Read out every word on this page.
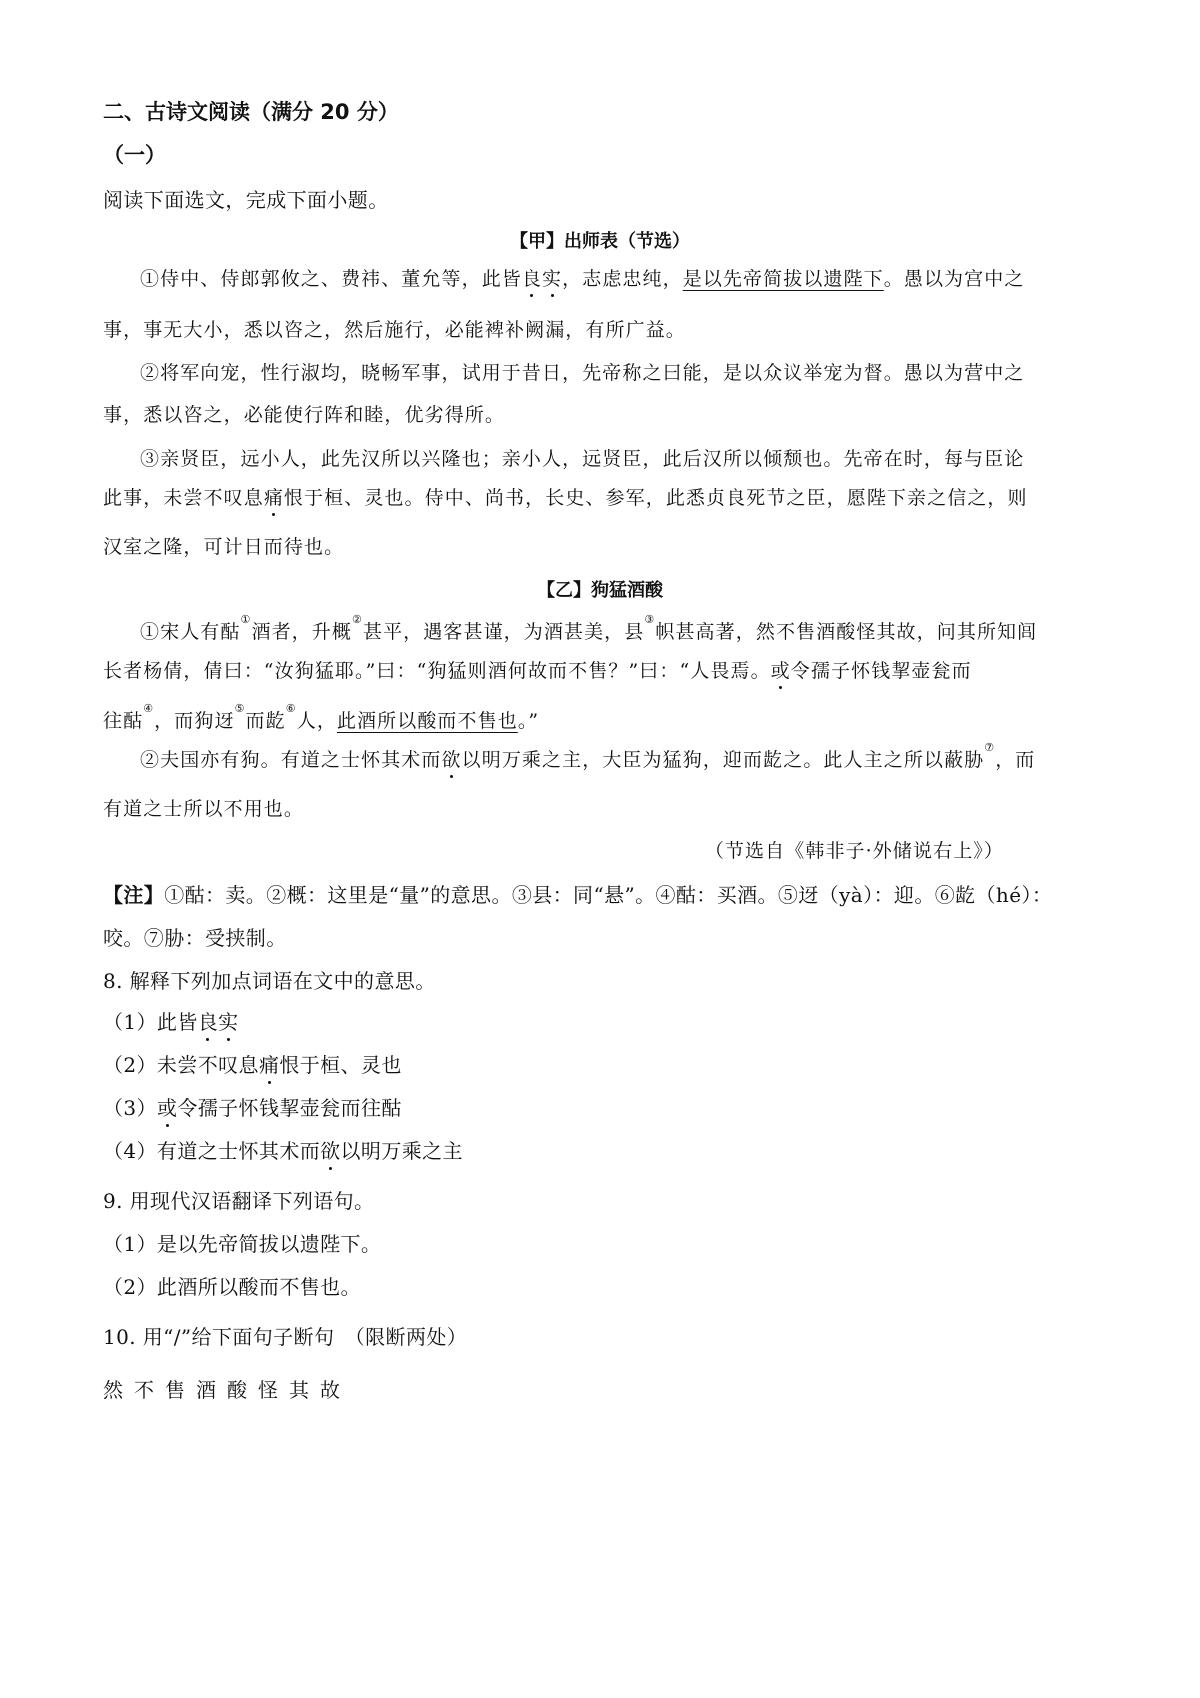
二、古诗文阅读（满分 20 分）
（一）
阅读下面选文，完成下面小题。
【甲】出师表（节选）
①侍中、侍郎郭攸之、费祎、董允等，此皆良实，志虑忠纯，是以先帝简拔以遗陛下。愚以为宫中之
事，事无大小，悉以咨之，然后施行，必能裨补阙漏，有所广益。
②将军向宠，性行淑均，晓畅军事，试用于昔日，先帝称之曰能，是以众议举宠为督。愚以为营中之
事，悉以咨之，必能使行阵和睦，优劣得所。
③亲贤臣，远小人，此先汉所以兴隆也；亲小人，远贤臣，此后汉所以倾颓也。先帝在时，每与臣论
此事，未尝不叹息痛恨于桓、灵也。侍中、尚书，长史、参军，此悉贞良死节之臣，愿陛下亲之信之，则
汉室之隆，可计日而待也。
【乙】狗猛酒酸
①宋人有酤①酒者，升概②甚平，遇客甚谨，为酒甚美，县③帜甚高著，然不售酒酸怪其故，问其所知闾
长者杨倩，倩曰：“汝狗猛耶。”曰：“狗猛则酒何故而不售？”曰：“人畏焉。或令孺子怀钱挈壶瓮而
往酤④，而狗迓⑤而龁⑥人，此酒所以酸而不售也。”
②夫国亦有狗。有道之士怀其术而欲以明万乘之主，大臣为猛狗，迎而龁之。此人主之所以蔽胁⑦，而
有道之士所以不用也。
（节选自《韩非子·外储说右上》）
【注】①酤：卖。②概：这里是“量”的意思。③县：同“悬”。④酤：买酒。⑤迓（yà）：迎。⑥龁（hé）：
咬。⑦胁：受挟制。
8. 解释下列加点词语在文中的意思。
（1）此皆良实
（2）未尝不叹息痛恨于桓、灵也
（3）或令孺子怀钱挈壶瓮而往酤
（4）有道之士怀其术而欲以明万乘之主
9. 用现代汉语翻译下列语句。
（1）是以先帝简拔以遗陛下。
（2）此酒所以酸而不售也。
10. 用“/”给下面句子断句　（限断两处）
然不售酒酸怪其故
